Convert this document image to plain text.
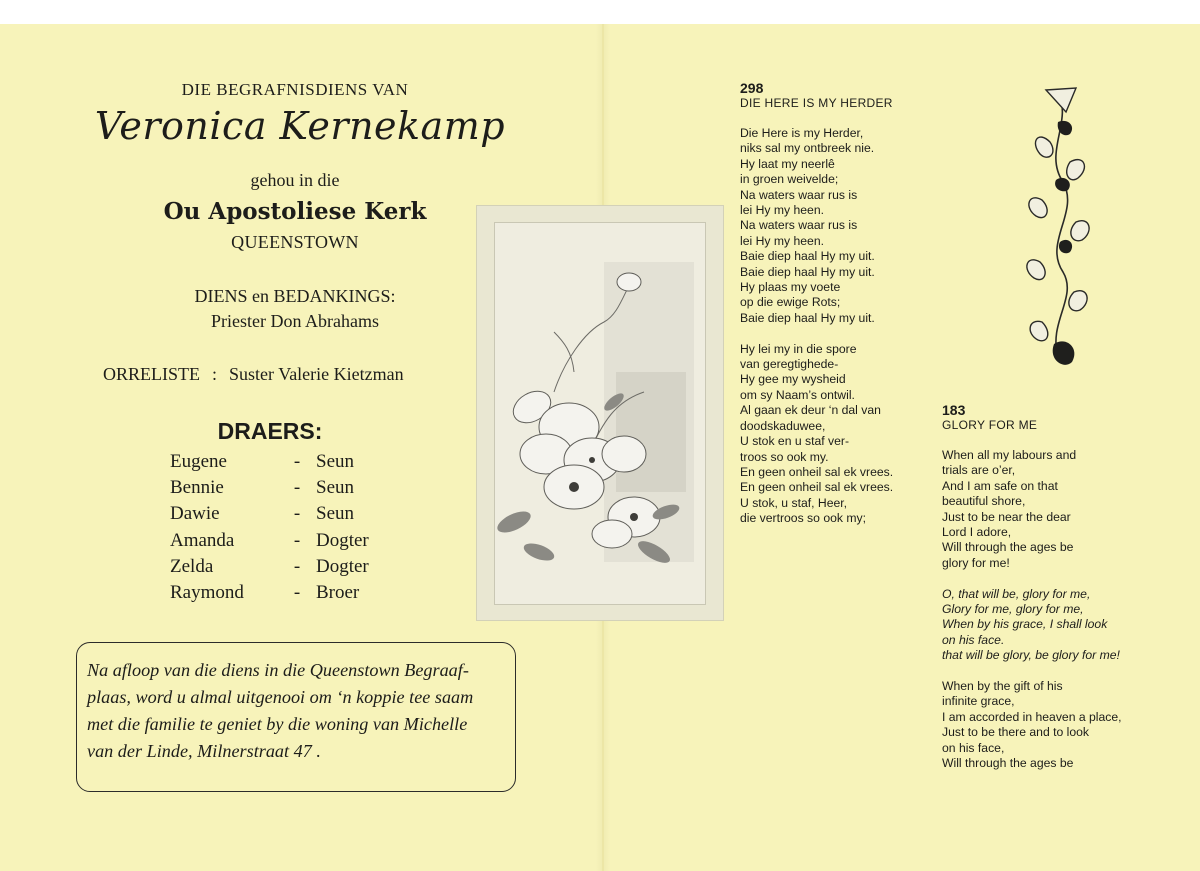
DIE BEGRAFNISDIENS VAN
Veronica Kernekamp
gehou in die
Ou Apostoliese Kerk
QUEENSTOWN
DIENS en BEDANKINGS:
Priester Don Abrahams
ORRELISTE : Suster Valerie Kietzman
DRAERS:
Eugene	- Seun
Bennie	- Seun
Dawie	- Seun
Amanda	- Dogter
Zelda	- Dogter
Raymond	- Broer
Na afloop van die diens in die Queenstown Begraaf-
plaas, word u almal uitgenooi om ‘n koppie tee saam
met die familie te geniet by die woning van Michelle
van der Linde, Milnerstraat 47 .
298
DIE HERE IS MY HERDER
Die Here is my Herder,
niks sal my ontbreek nie.
Hy laat my neerlê
in groen weivelde;
Na waters waar rus is
lei Hy my heen.
Na waters waar rus is
lei Hy my heen.
Baie diep haal Hy my uit.
Baie diep haal Hy my uit.
Hy plaas my voete
op die ewige Rots;
Baie diep haal Hy my uit.
Hy lei my in die spore
van geregtighede-
Hy gee my wysheid
om sy Naam’s ontwil.
Al gaan ek deur ‘n dal van
doodskaduwee,
U stok en u staf ver-
troos so ook my.
En geen onheil sal ek vrees.
En geen onheil sal ek vrees.
U stok, u staf, Heer,
die vertroos so ook my;
183
GLORY FOR ME
When all my labours and
trials are o’er,
And I am safe on that
beautiful shore,
Just to be near the dear
Lord I adore,
Will through the ages be
glory for me!
O, that will be, glory for me,
Glory for me, glory for me,
When by his grace, I shall look
on his face.
that will be glory, be glory for me!
When by the gift of his
infinite grace,
I am accorded in heaven a place,
Just to be there and to look
on his face,
Will through the ages be
